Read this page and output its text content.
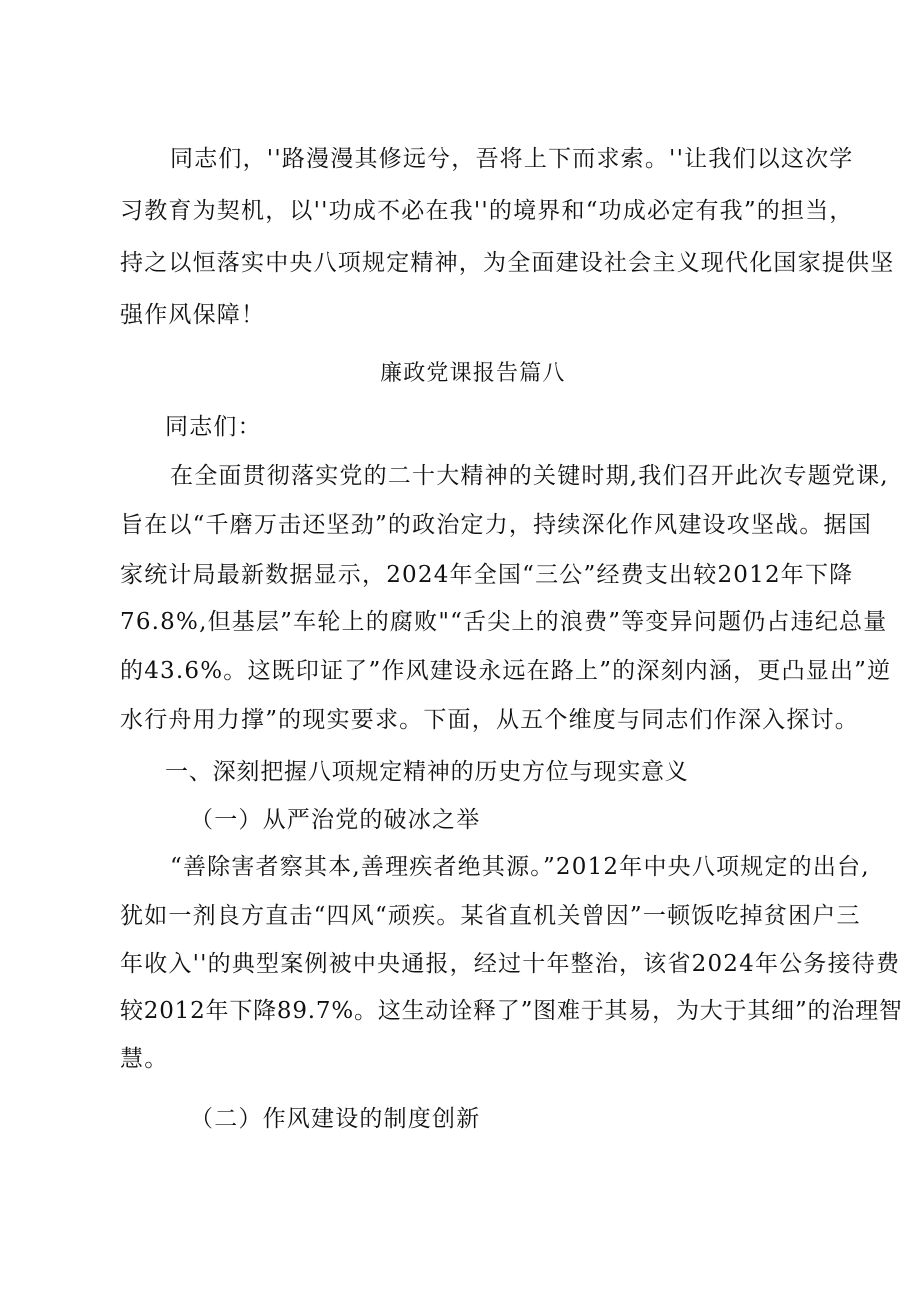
同志们，''路漫漫其修远兮，吾将上下而求索。''让我们以这次学
习教育为契机，以''功成不必在我''的境界和“功成必定有我”的担当，
持之以恒落实中央八项规定精神，为全面建设社会主义现代化国家提供坚
强作风保障！
廉政党课报告篇八
同志们：
在全面贯彻落实党的二十大精神的关键时期,我们召开此次专题党课,
旨在以“千磨万击还坚劲”的政治定力，持续深化作风建设攻坚战。据国
家统计局最新数据显示，2024年全国“三公”经费支出较2012年下降
76.8%,但基层”车轮上的腐败"“舌尖上的浪费”等变异问题仍占违纪总量
的43.6%。这既印证了”作风建设永远在路上”的深刻内涵，更凸显出”逆
水行舟用力撑”的现实要求。下面，从五个维度与同志们作深入探讨。
一、深刻把握八项规定精神的历史方位与现实意义
（一）从严治党的破冰之举
“善除害者察其本,善理疾者绝其源。”2012年中央八项规定的出台,
犹如一剂良方直击“四风“顽疾。某省直机关曾因”一顿饭吃掉贫困户三
年收入''的典型案例被中央通报，经过十年整治，该省2024年公务接待费
较2012年下降89.7%。这生动诠释了”图难于其易，为大于其细”的治理智
慧。
（二）作风建设的制度创新
